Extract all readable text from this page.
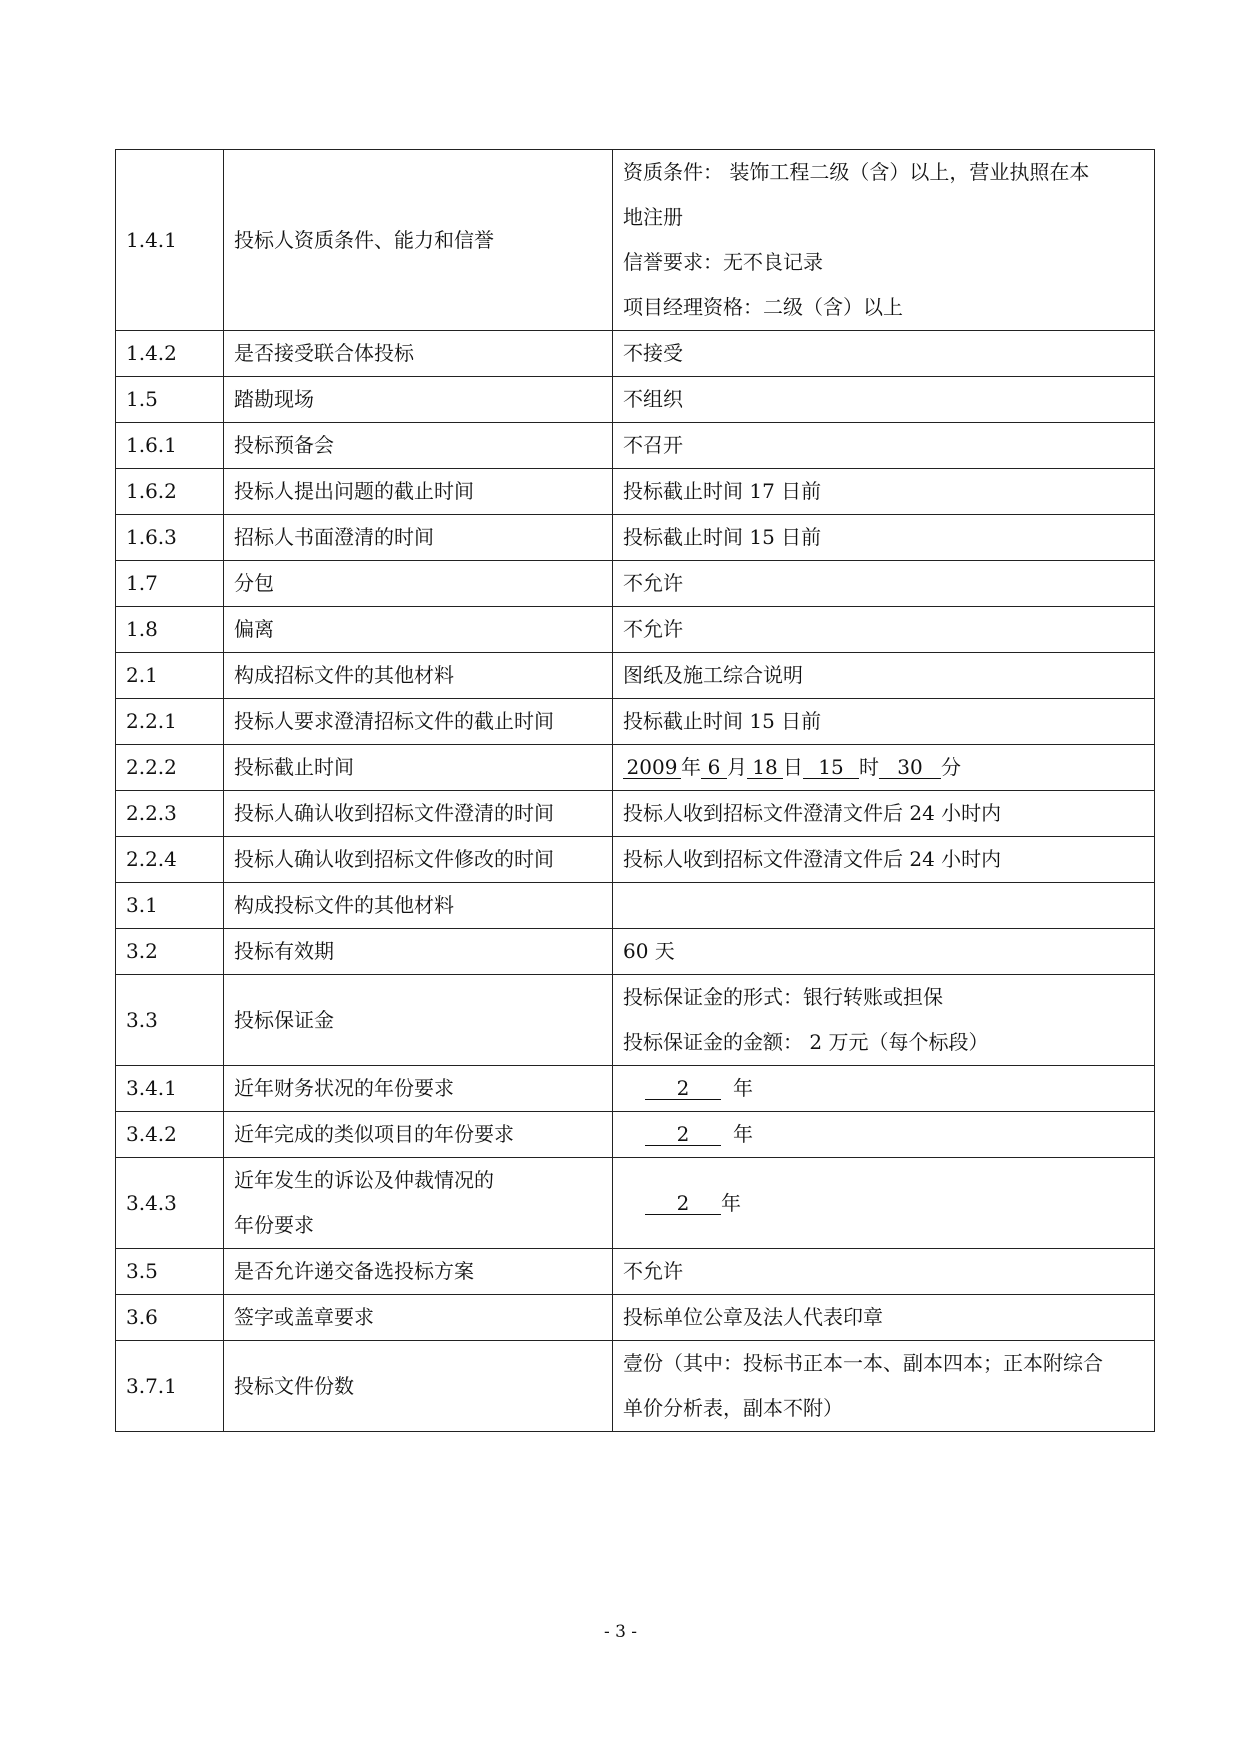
1.4.1	投标人资质条件、能力和信誉	资质条件： 装饰工程二级（含）以上，营业执照在本
地注册
信誉要求：无不良记录
项目经理资格：二级（含）以上

1.4.2	是否接受联合体投标	不接受
1.5	踏勘现场	不组织
1.6.1	投标预备会	不召开
1.6.2	投标人提出问题的截止时间	投标截止时间 17 日前
1.6.3	招标人书面澄清的时间	投标截止时间 15 日前
1.7	分包	不允许
1.8	偏离	不允许
2.1	构成招标文件的其他材料	图纸及施工综合说明
2.2.1	投标人要求澄清招标文件的截止时间	投标截止时间 15 日前
2.2.2	投标截止时间	2009 年 6 月 18 日 15 时 30 分
2.2.3	投标人确认收到招标文件澄清的时间	投标人收到招标文件澄清文件后 24 小时内
2.2.4	投标人确认收到招标文件修改的时间	投标人收到招标文件澄清文件后 24 小时内
3.1	构成投标文件的其他材料	
3.2	投标有效期	60 天
3.3	投标保证金	投标保证金的形式：银行转账或担保
投标保证金的金额： 2 万元（每个标段）

3.4.1	近年财务状况的年份要求	2 年
3.4.2	近年完成的类似项目的年份要求	2 年
3.4.3	近年发生的诉讼及仲裁情况的
年份要求	2 年
3.5	是否允许递交备选投标方案	不允许
3.6	签字或盖章要求	投标单位公章及法人代表印章
3.7.1	投标文件份数	壹份（其中：投标书正本一本、副本四本；正本附综合
单价分析表，副本不附）
- 3 -
